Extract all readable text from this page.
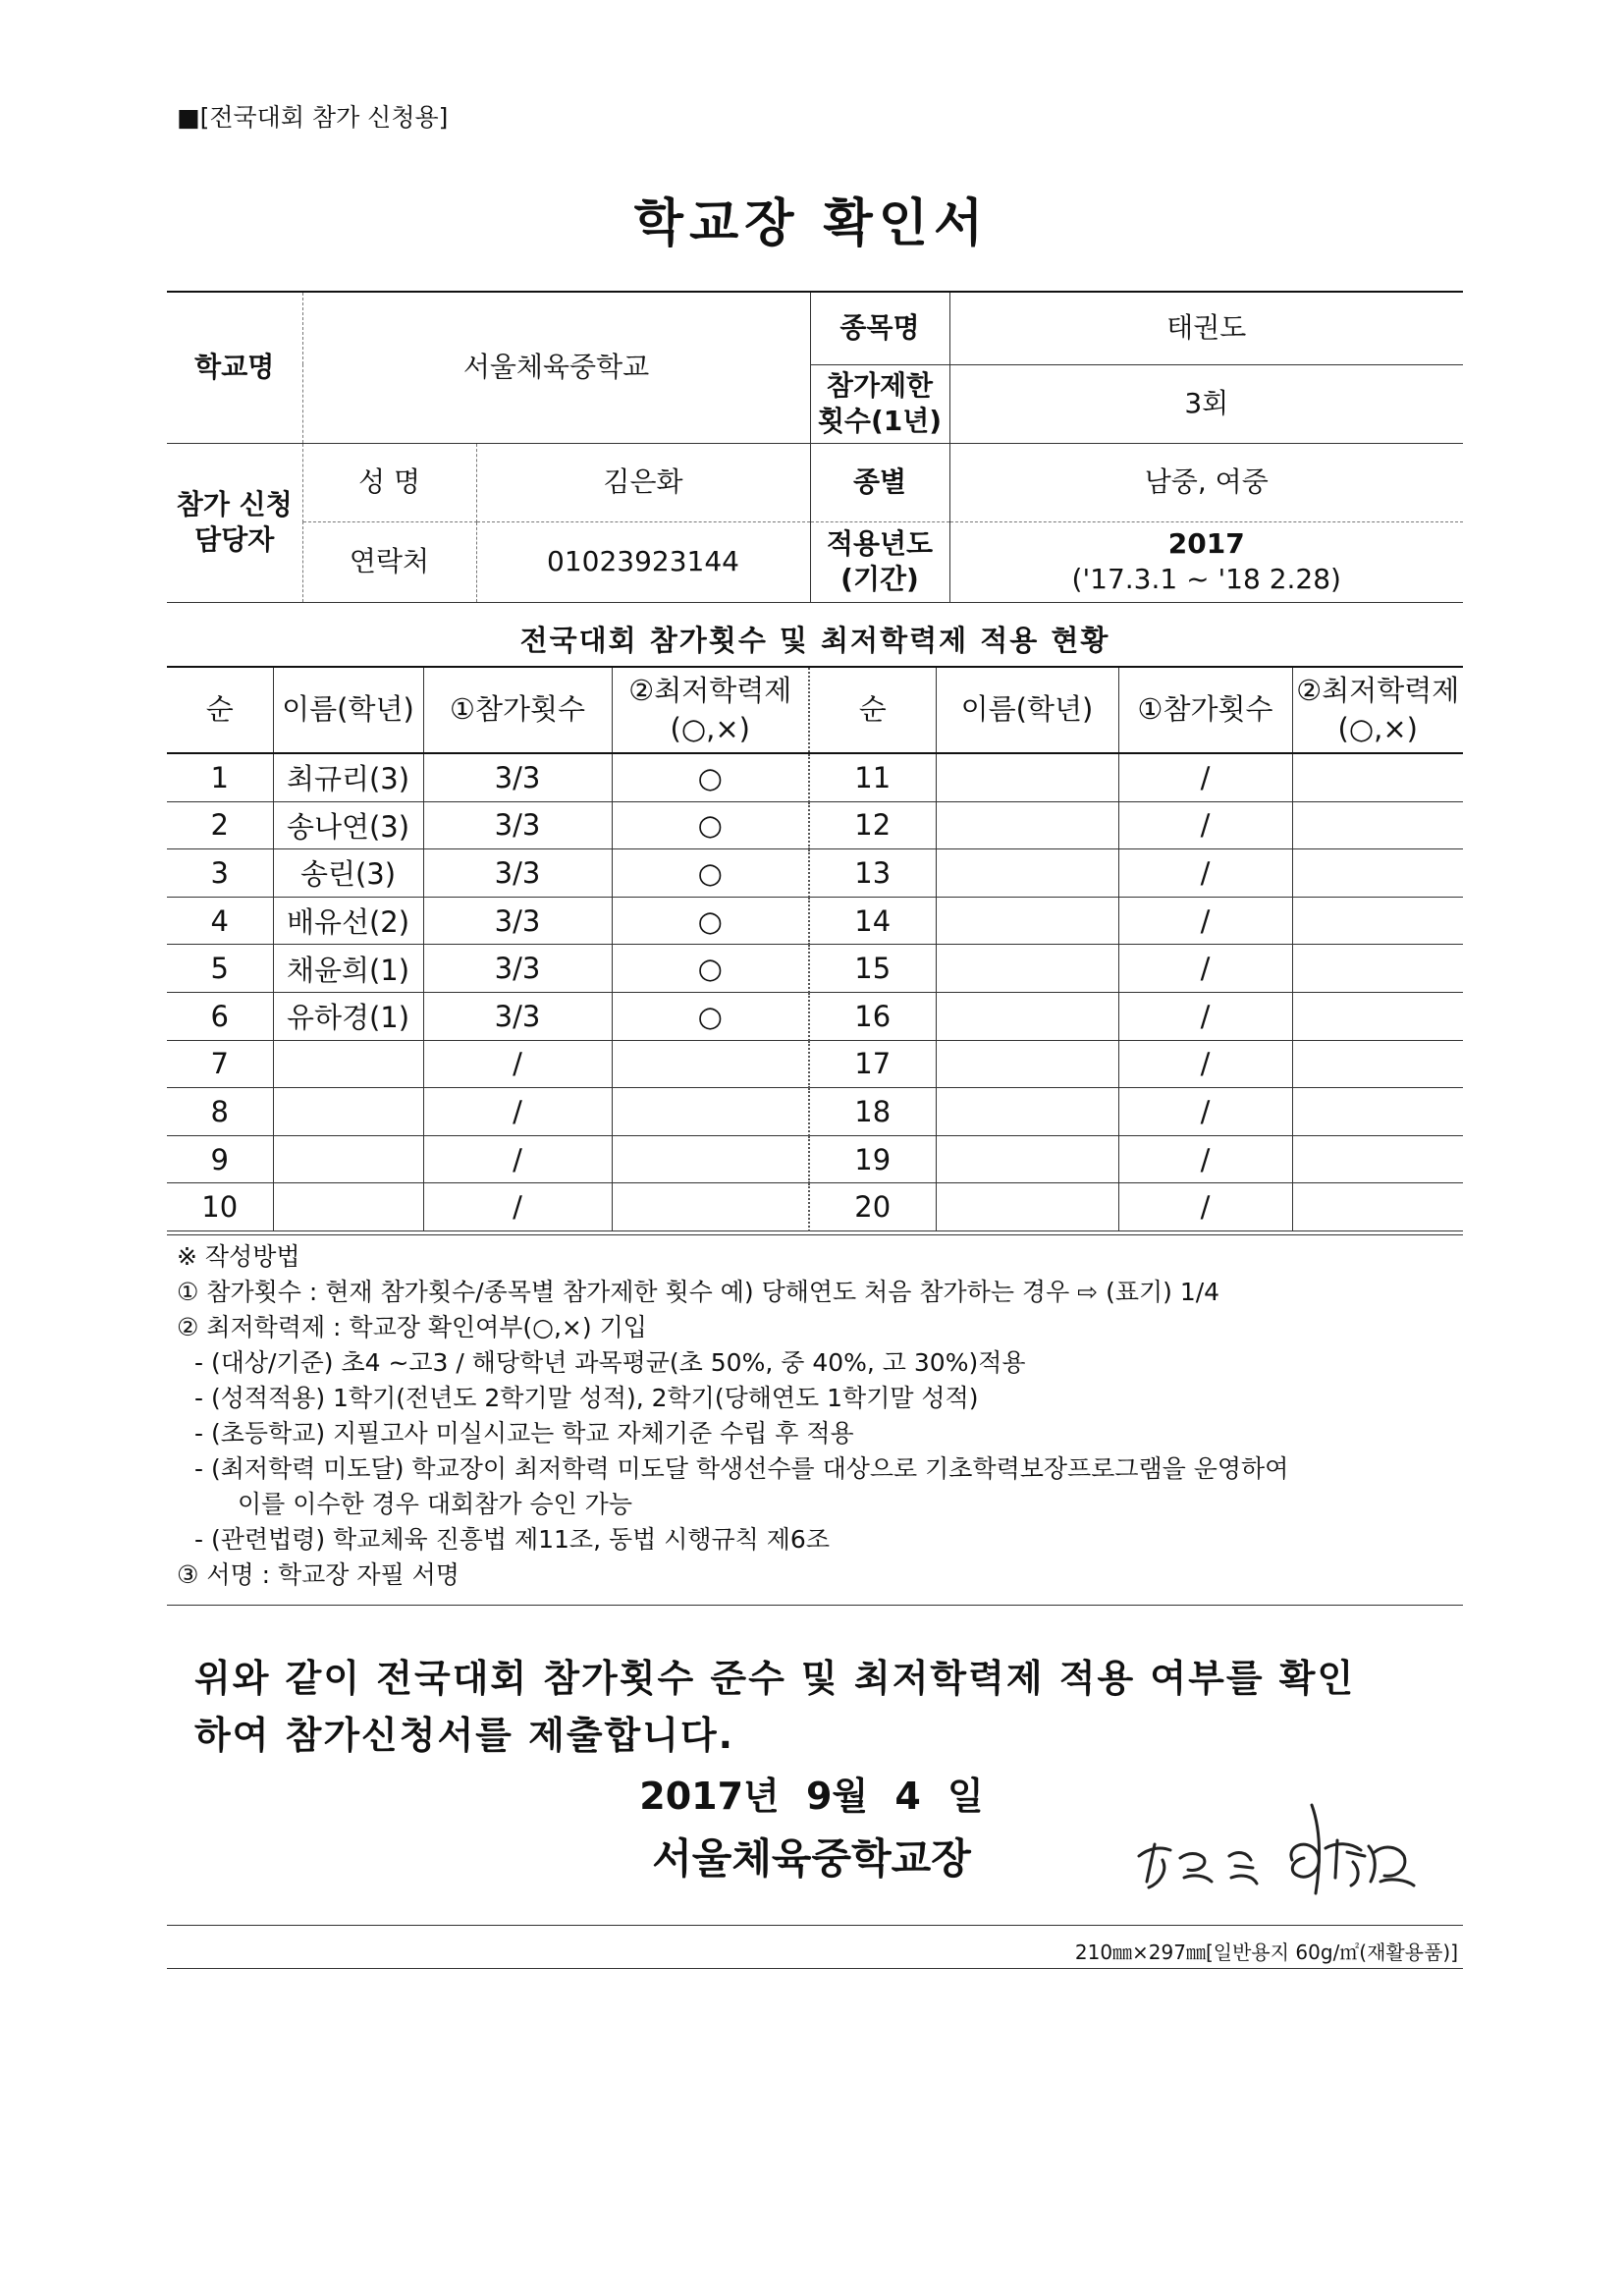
■[전국대회 참가 신청용]
학교장 확인서
학교명	서울체육중학교		종목명	태권도
			참가제한 횟수(1년)	3회
참가 신청 담당자	성 명	김은화	종별	남중, 여중
	연락처	01023923144	적용년도 (기간)	2017
('17.3.1 ~ '18 2.28)
전국대회 참가횟수 및 최저학력제 적용 현황
순	이름(학년)	①참가횟수	②최저학력제 (○,×)	순	이름(학년)	①참가횟수	②최저학력제 (○,×)
1	최규리(3)	3/3	○	11		/	
2	송나연(3)	3/3	○	12		/	
3	송린(3)	3/3	○	13		/	
4	배유선(2)	3/3	○	14		/	
5	채윤희(1)	3/3	○	15		/	
6	유하경(1)	3/3	○	16		/	
7		/		17		/	
8		/		18		/	
9		/		19		/	
10		/		20		/	
※ 작성방법
① 참가횟수 : 현재 참가횟수/종목별 참가제한 횟수 예) 당해연도 처음 참가하는 경우 ⇨ (표기) 1/4
② 최저학력제 : 학교장 확인여부(○,×) 기입
- (대상/기준) 초4 ~고3 / 해당학년 과목평균(초 50%, 중 40%, 고 30%)적용
- (성적적용) 1학기(전년도 2학기말 성적), 2학기(당해연도 1학기말 성적)
- (초등학교) 지필고사 미실시교는 학교 자체기준 수립 후 적용
- (최저학력 미도달) 학교장이 최저학력 미도달 학생선수를 대상으로 기초학력보장프로그램을 운영하여
이를 이수한 경우 대회참가 승인 가능
- (관련법령) 학교체육 진흥법 제11조, 동법 시행규칙 제6조
③ 서명 : 학교장 자필 서명
위와 같이 전국대회 참가횟수 준수 및 최저학력제 적용 여부를 확인
하여 참가신청서를 제출합니다.
2017년 9월 4 일
서울체육중학교장
210㎜×297㎜[일반용지 60g/㎡(재활용품)]
